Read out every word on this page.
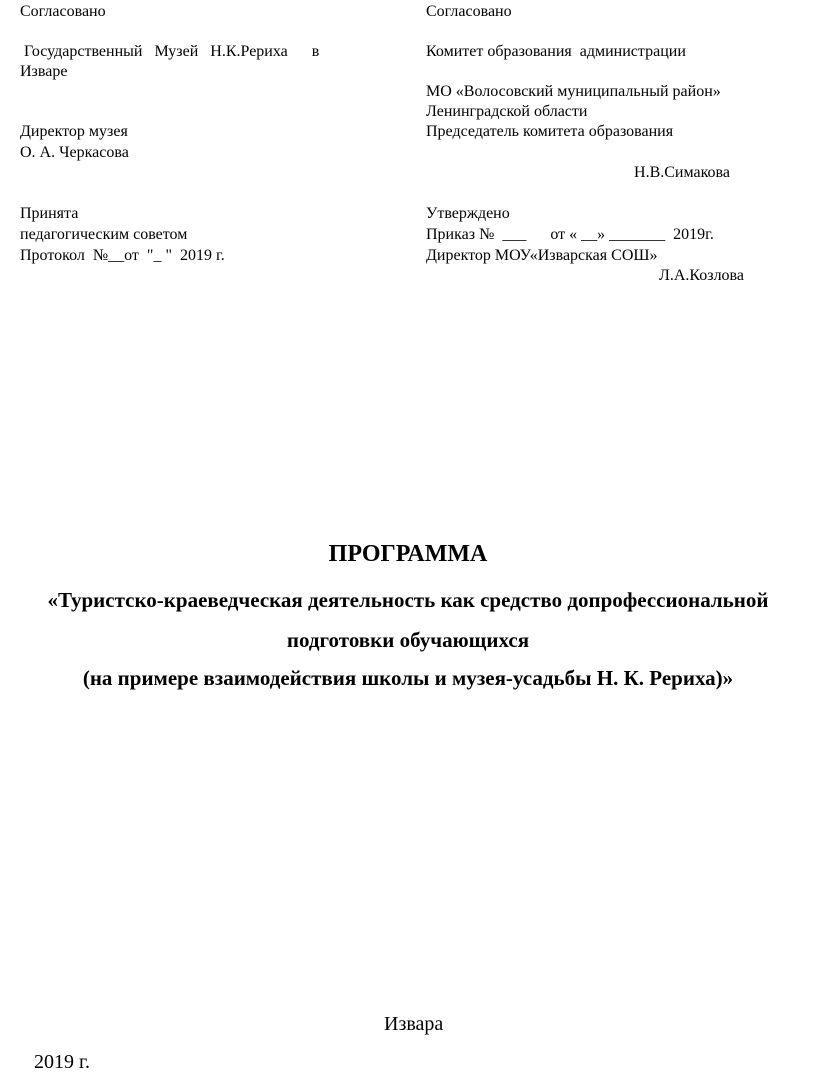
Согласовано
Государственный   Музей   Н.К.Рериха      в
Изваре
Директор музея
О. А. Черкасова
Принята
педагогическим советом
Протокол  №__от  "_ "  2019 г.
Согласовано
Комитет образования  администрации
МО «Волосовский муниципальный район»
Ленинградской области
Председатель комитета образования
Н.В.Симакова
Утверждено
Приказ №  ___      от « __» _______  2019г.
Директор МОУ«Изварская СОШ»
Л.А.Козлова
ПРОГРАММА
«Туристско-краеведческая деятельность как средство допрофессиональной
подготовки обучающихся
(на примере взаимодействия школы и музея-усадьбы Н. К. Рериха)»
Извара
2019 г.
